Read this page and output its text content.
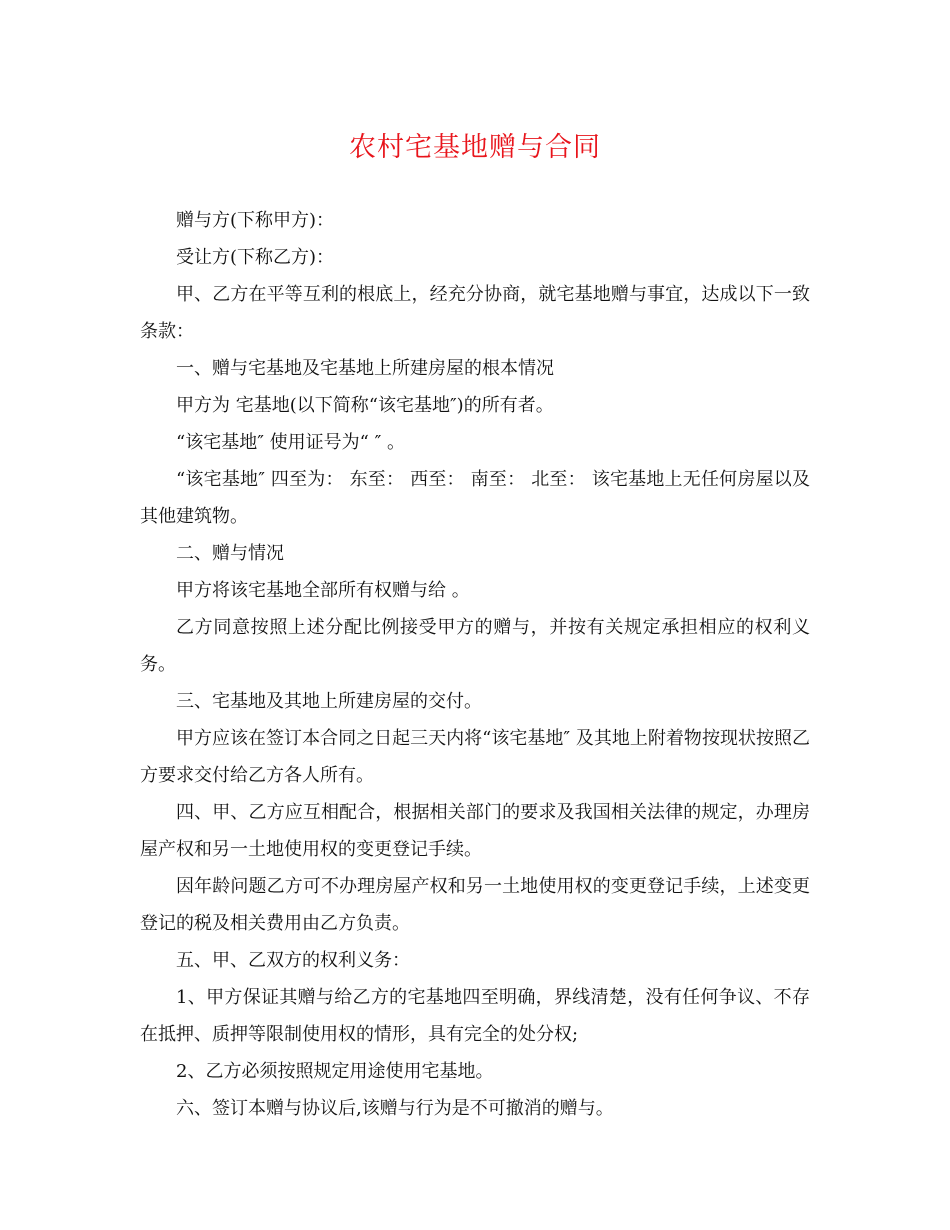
农村宅基地赠与合同

赠与方(下称甲方)：

受让方(下称乙方)：

甲、乙方在平等互利的根底上，经充分协商，就宅基地赠与事宜，达成以下一致条款：

一、赠与宅基地及宅基地上所建房屋的根本情况

甲方为 宅基地(以下简称“该宅基地″)的所有者。

“该宅基地″ 使用证号为“ ″ 。

“该宅基地″ 四至为： 东至： 西至： 南至： 北至： 该宅基地上无任何房屋以及其他建筑物。

二、赠与情况

甲方将该宅基地全部所有权赠与给 。

乙方同意按照上述分配比例接受甲方的赠与，并按有关规定承担相应的权利义务。

三、宅基地及其地上所建房屋的交付。

甲方应该在签订本合同之日起三天内将“该宅基地″ 及其地上附着物按现状按照乙方要求交付给乙方各人所有。

四、甲、乙方应互相配合，根据相关部门的要求及我国相关法律的规定，办理房屋产权和另一土地使用权的变更登记手续。

因年龄问题乙方可不办理房屋产权和另一土地使用权的变更登记手续，上述变更登记的税及相关费用由乙方负责。

五、甲、乙双方的权利义务：

1、甲方保证其赠与给乙方的宅基地四至明确，界线清楚，没有任何争议、不存在抵押、质押等限制使用权的情形，具有完全的处分权;

2、乙方必须按照规定用途使用宅基地。

六、签订本赠与协议后,该赠与行为是不可撤消的赠与。
